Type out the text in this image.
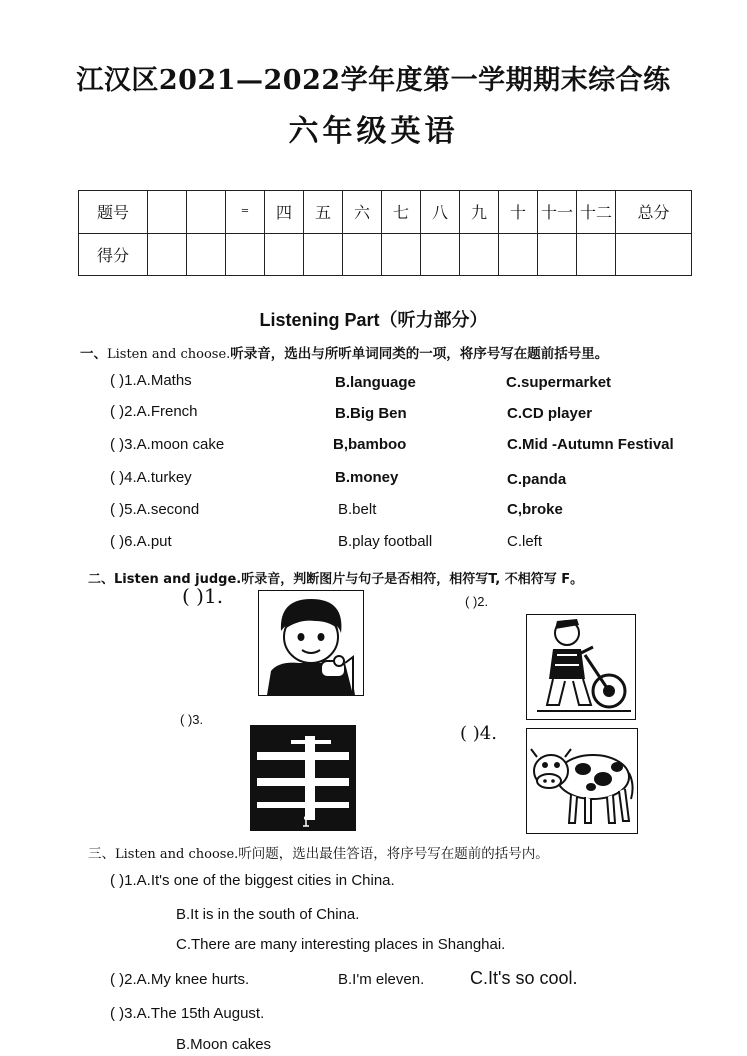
江汉区2021—2022学年度第一学期期末综合练
六年级英语
题号			=	四	五	六	七	八	九	十	十一	十二	总分
得分													
Listening Part（听力部分）
一、Listen and choose.听录音，选出与所听单词同类的一项，将序号写在题前括号里。
( )1.A.Maths	B.language	C.supermarket
( )2.A.French	B.Big Ben	C.CD player
( )3.A.moon cake	B,bamboo	C.Mid -Autumn Festival
( )4.A.turkey	B.money	C.panda
( )5.A.second	B.belt	C,broke
( )6.A.put	B.play football	C.left
二、Listen and judge.听录音，判断图片与句子是否相符，相符写T, 不相符写 F。
( )1.	( )2.
( )3.
( )4.
三、Listen and choose.听问题，选出最佳答语，将序号写在题前的括号内。
( )1.A.It's one of the biggest cities in China.
B.It is in the south of China.
C.There are many interesting places in Shanghai.
( )2.A.My knee hurts.	B.I'm eleven.	C.It's so cool.
( )3.A.The 15th August.
B.Moon cakes
